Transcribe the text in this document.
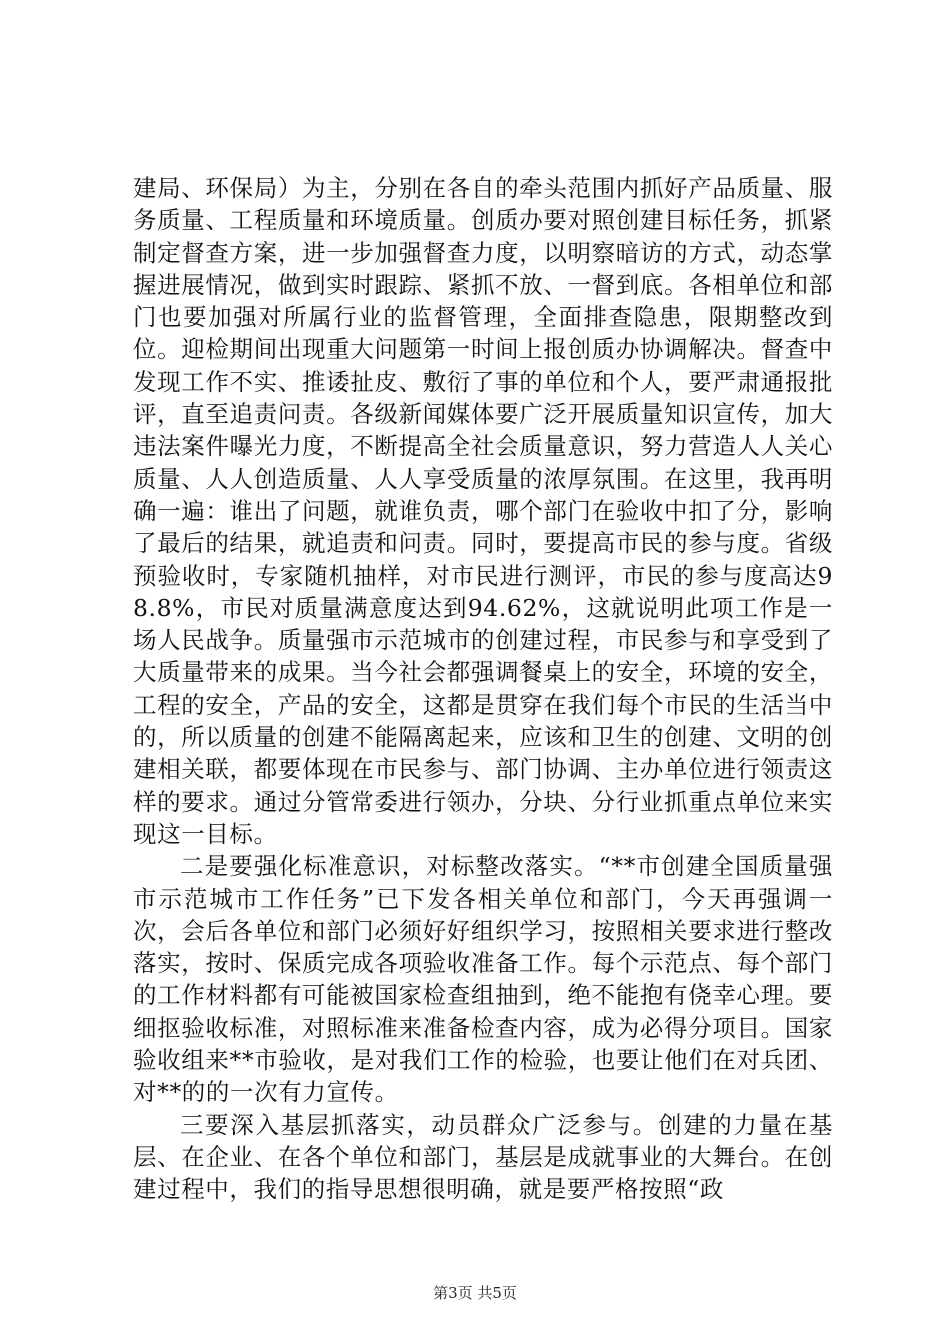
建局、环保局）为主，分别在各自的牵头范围内抓好产品质量、服务质量、工程质量和环境质量。创质办要对照创建目标任务，抓紧制定督查方案，进一步加强督查力度，以明察暗访的方式，动态掌握进展情况，做到实时跟踪、紧抓不放、一督到底。各相单位和部门也要加强对所属行业的监督管理，全面排查隐患，限期整改到位。迎检期间出现重大问题第一时间上报创质办协调解决。督查中发现工作不实、推诿扯皮、敷衍了事的单位和个人，要严肃通报批评，直至追责问责。各级新闻媒体要广泛开展质量知识宣传，加大违法案件曝光力度，不断提高全社会质量意识，努力营造人人关心质量、人人创造质量、人人享受质量的浓厚氛围。在这里，我再明确一遍：谁出了问题，就谁负责，哪个部门在验收中扣了分，影响了最后的结果，就追责和问责。同时，要提高市民的参与度。省级预验收时，专家随机抽样，对市民进行测评，市民的参与度高达98.8%，市民对质量满意度达到94.62%，这就说明此项工作是一场人民战争。质量强市示范城市的创建过程，市民参与和享受到了大质量带来的成果。当今社会都强调餐桌上的安全，环境的安全，工程的安全，产品的安全，这都是贯穿在我们每个市民的生活当中的，所以质量的创建不能隔离起来，应该和卫生的创建、文明的创建相关联，都要体现在市民参与、部门协调、主办单位进行领责这样的要求。通过分管常委进行领办，分块、分行业抓重点单位来实现这一目标。

二是要强化标准意识，对标整改落实。“**市创建全国质量强市示范城市工作任务”已下发各相关单位和部门，今天再强调一次，会后各单位和部门必须好好组织学习，按照相关要求进行整改落实，按时、保质完成各项验收准备工作。每个示范点、每个部门的工作材料都有可能被国家检查组抽到，绝不能抱有侥幸心理。要细抠验收标准，对照标准来准备检查内容，成为必得分项目。国家验收组来**市验收，是对我们工作的检验，也要让他们在对兵团、对**的的一次有力宣传。

三要深入基层抓落实，动员群众广泛参与。创建的力量在基层、在企业、在各个单位和部门，基层是成就事业的大舞台。在创建过程中，我们的指导思想很明确，就是要严格按照“政

第3页 共5页
